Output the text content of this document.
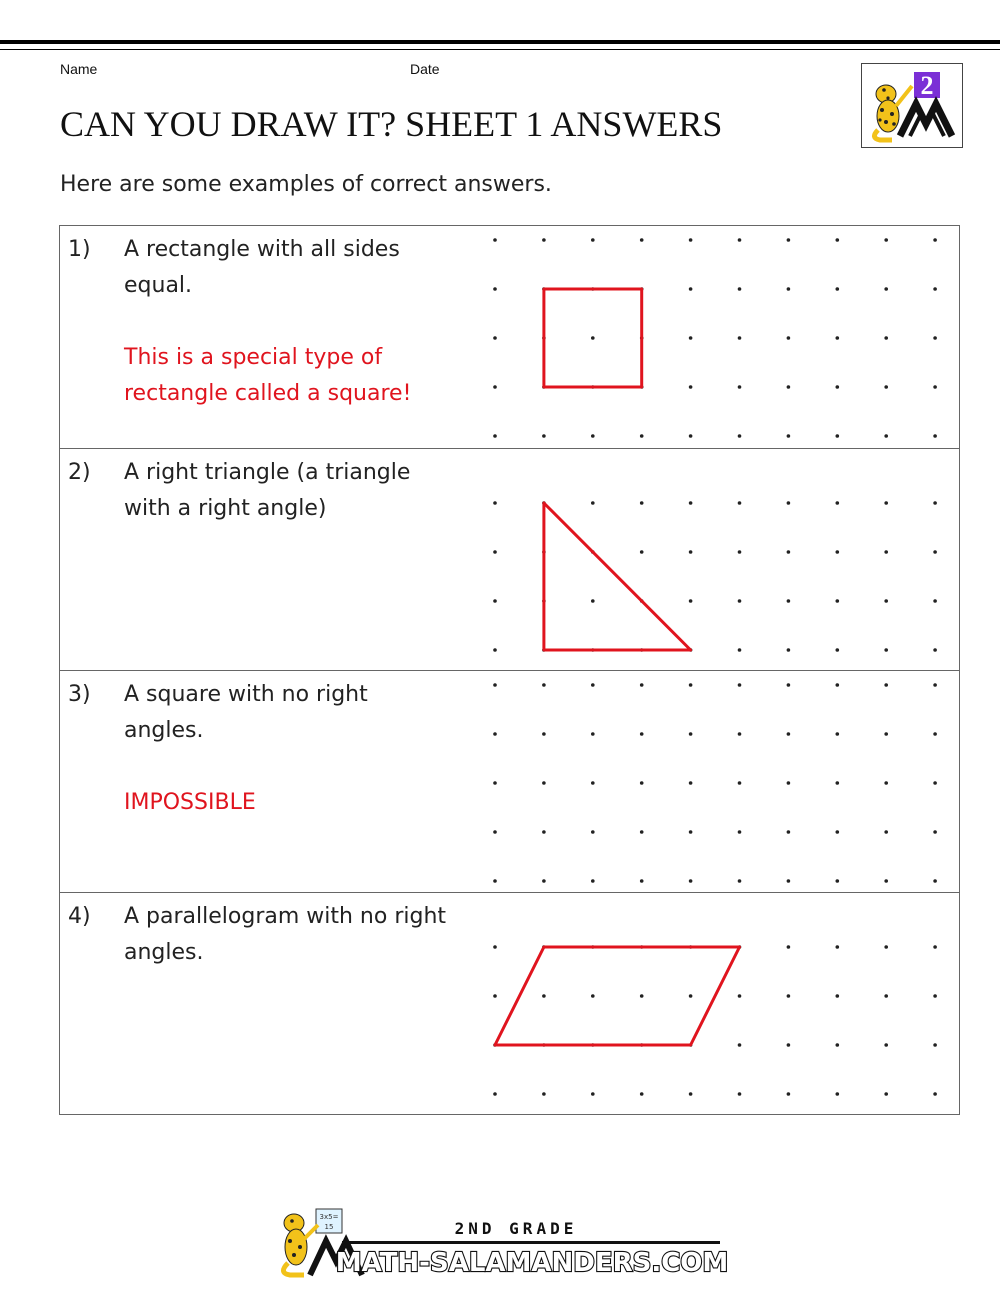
Name	Date
CAN YOU DRAW IT? SHEET 1 ANSWERS
Here are some examples of correct answers.
2
1) A rectangle with all sides equal.
This is a special type of rectangle called a square!
2) A right triangle (a triangle with a right angle)
3) A square with no right angles.
IMPOSSIBLE
4) A parallelogram with no right angles.
3x5=
15	2ND GRADE
MATH-SALAMANDERS.COM
